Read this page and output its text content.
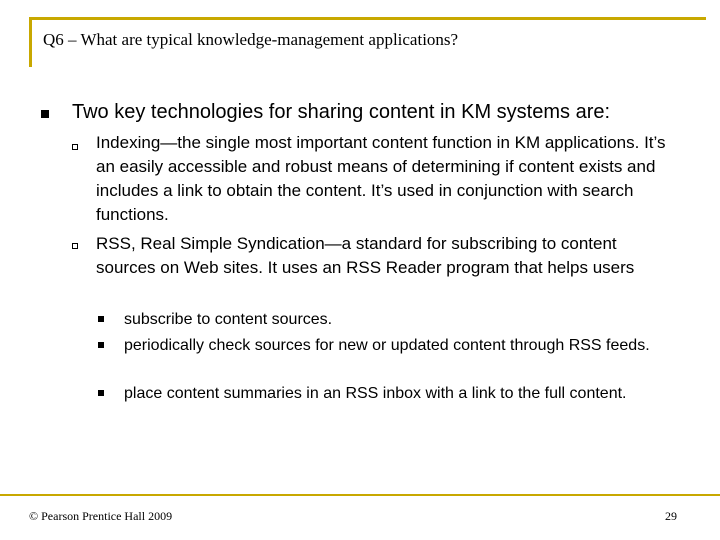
Q6 – What are typical knowledge-management applications?

Two key technologies for sharing content in KM systems are:

Indexing—the single most important content function in KM applications. It’s an easily accessible and robust means of determining if content exists and includes a link to obtain the content. It’s used in conjunction with search functions.

RSS, Real Simple Syndication—a standard for subscribing to content sources on Web sites. It uses an RSS Reader program that helps users

subscribe to content sources.

periodically check sources for new or updated content through RSS feeds.

place content summaries in an RSS inbox with a link to the full content.

© Pearson Prentice Hall 2009	29
